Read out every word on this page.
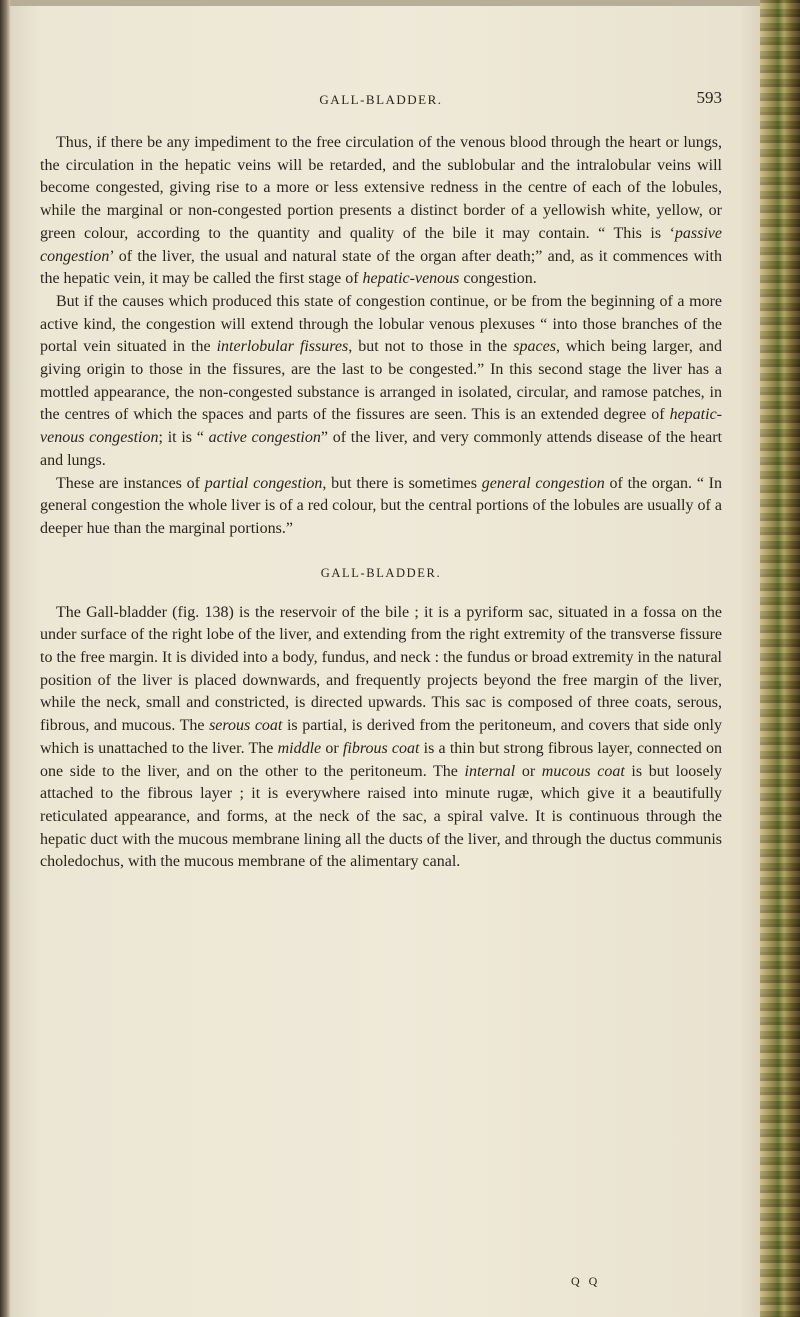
GALL-BLADDER.	593

Thus, if there be any impediment to the free circulation of the venous blood through the heart or lungs, the circulation in the hepatic veins will be retarded, and the sublobular and the intralobular veins will become congested, giving rise to a more or less extensive redness in the centre of each of the lobules, while the marginal or non-congested portion presents a distinct border of a yellowish white, yellow, or green colour, according to the quantity and quality of the bile it may contain. “ This is ‘passive congestion’ of the liver, the usual and natural state of the organ after death;” and, as it commences with the hepatic vein, it may be called the first stage of hepatic-venous congestion.

But if the causes which produced this state of congestion continue, or be from the beginning of a more active kind, the congestion will extend through the lobular venous plexuses “ into those branches of the portal vein situated in the interlobular fissures, but not to those in the spaces, which being larger, and giving origin to those in the fissures, are the last to be congested.” In this second stage the liver has a mottled appearance, the non-congested substance is arranged in isolated, circular, and ramose patches, in the centres of which the spaces and parts of the fissures are seen. This is an extended degree of hepatic-venous congestion; it is “ active congestion” of the liver, and very commonly attends disease of the heart and lungs.

These are instances of partial congestion, but there is sometimes general congestion of the organ. “ In general congestion the whole liver is of a red colour, but the central portions of the lobules are usually of a deeper hue than the marginal portions.”

GALL-BLADDER.

The Gall-bladder (fig. 138) is the reservoir of the bile ; it is a pyriform sac, situated in a fossa on the under surface of the right lobe of the liver, and extending from the right extremity of the transverse fissure to the free margin. It is divided into a body, fundus, and neck : the fundus or broad extremity in the natural position of the liver is placed downwards, and frequently projects beyond the free margin of the liver, while the neck, small and constricted, is directed upwards. This sac is composed of three coats, serous, fibrous, and mucous. The serous coat is partial, is derived from the peritoneum, and covers that side only which is unattached to the liver. The middle or fibrous coat is a thin but strong fibrous layer, connected on one side to the liver, and on the other to the peritoneum. The internal or mucous coat is but loosely attached to the fibrous layer ; it is everywhere raised into minute rugæ, which give it a beautifully reticulated appearance, and forms, at the neck of the sac, a spiral valve. It is continuous through the hepatic duct with the mucous membrane lining all the ducts of the liver, and through the ductus communis choledochus, with the mucous membrane of the alimentary canal.

Q Q
